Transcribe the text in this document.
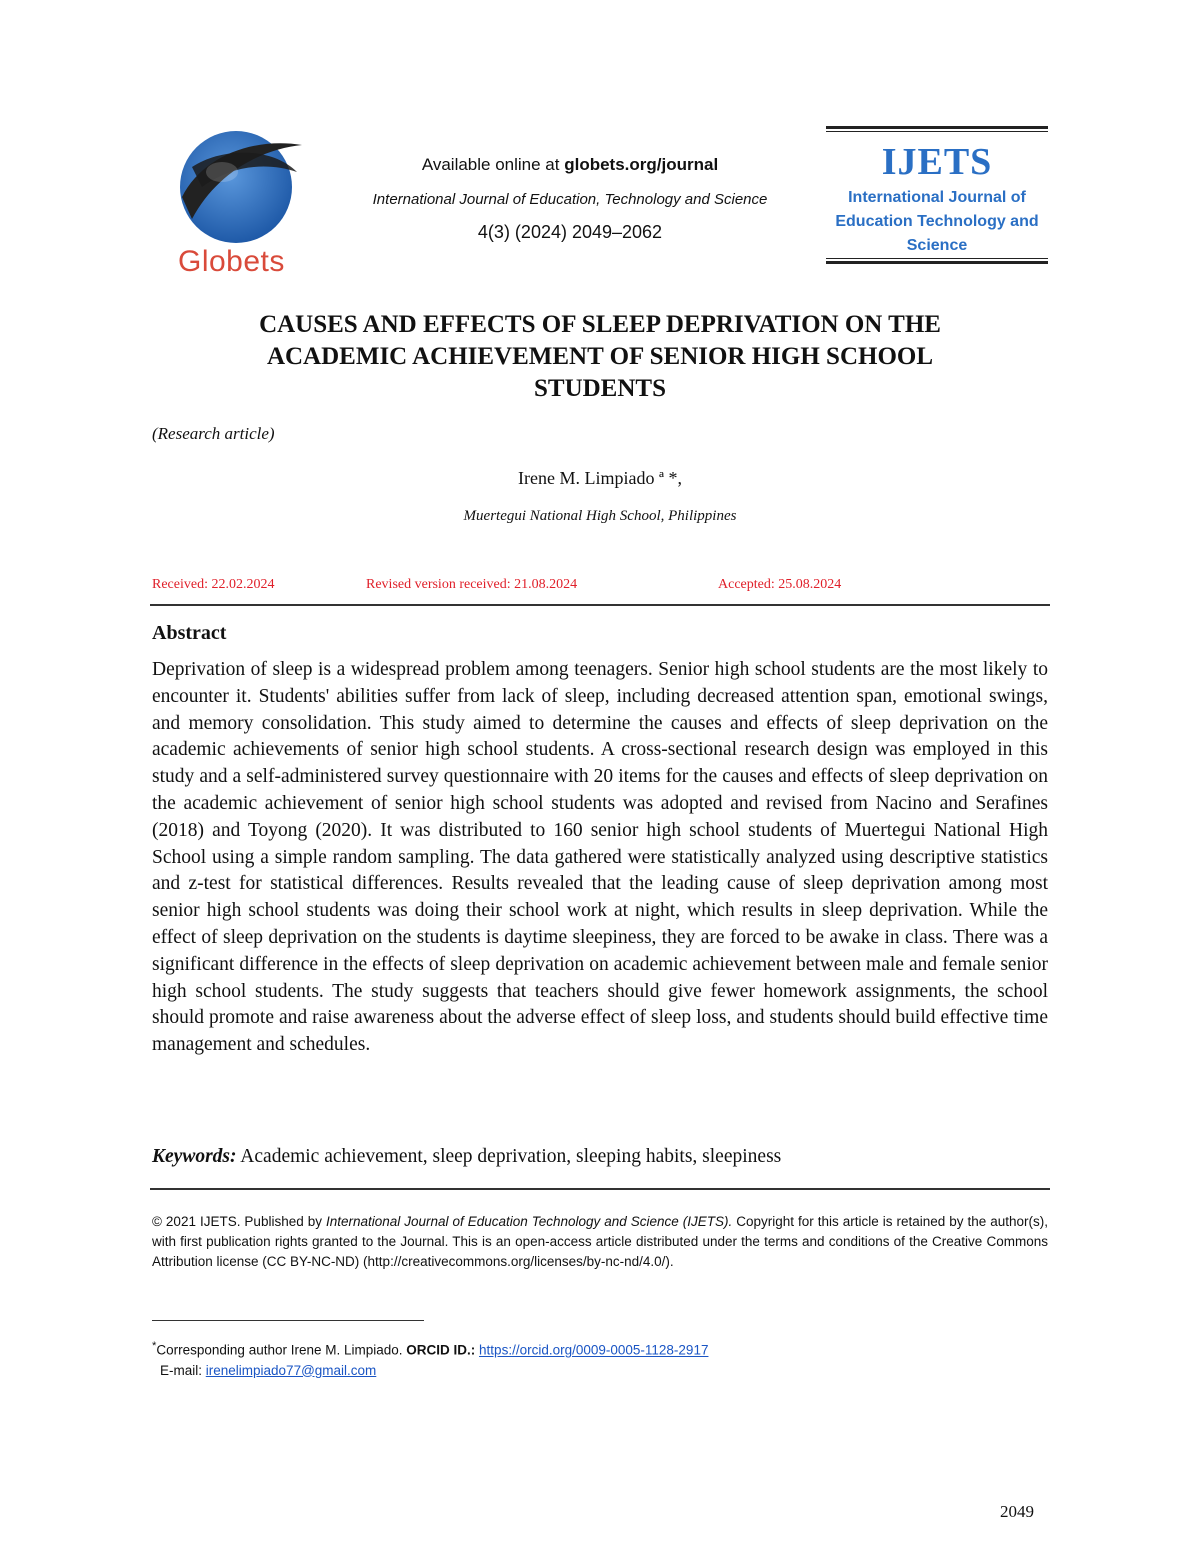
Globets
Available online at globets.org/journal
International Journal of Education, Technology and Science
4(3) (2024) 2049–2062
IJETS
International Journal of
Education Technology and
Science
CAUSES AND EFFECTS OF SLEEP DEPRIVATION ON THE
ACADEMIC ACHIEVEMENT OF SENIOR HIGH SCHOOL
STUDENTS
(Research article)
Irene M. Limpiado ª *,
Muertegui National High School, Philippines
Received: 22.02.2024	Revised version received: 21.08.2024	Accepted: 25.08.2024
Abstract
Deprivation of sleep is a widespread problem among teenagers. Senior high school students are the most likely to encounter it. Students' abilities suffer from lack of sleep, including decreased attention span, emotional swings, and memory consolidation. This study aimed to determine the causes and effects of sleep deprivation on the academic achievements of senior high school students. A cross-sectional research design was employed in this study and a self-administered survey questionnaire with 20 items for the causes and effects of sleep deprivation on the academic achievement of senior high school students was adopted and revised from Nacino and Serafines (2018) and Toyong (2020). It was distributed to 160 senior high school students of Muertegui National High School using a simple random sampling. The data gathered were statistically analyzed using descriptive statistics and z-test for statistical differences. Results revealed that the leading cause of sleep deprivation among most senior high school students was doing their school work at night, which results in sleep deprivation. While the effect of sleep deprivation on the students is daytime sleepiness, they are forced to be awake in class. There was a significant difference in the effects of sleep deprivation on academic achievement between male and female senior high school students. The study suggests that teachers should give fewer homework assignments, the school should promote and raise awareness about the adverse effect of sleep loss, and students should build effective time management and schedules.
Keywords: Academic achievement, sleep deprivation, sleeping habits, sleepiness
© 2021 IJETS. Published by International Journal of Education Technology and Science (IJETS). Copyright for this article is retained by the author(s), with first publication rights granted to the Journal. This is an open-access article distributed under the terms and conditions of the Creative Commons Attribution license (CC BY-NC-ND) (http://creativecommons.org/licenses/by-nc-nd/4.0/).
*Corresponding author Irene M. Limpiado. ORCID ID.: https://orcid.org/0009-0005-1128-2917
E-mail: irenelimpiado77@gmail.com
2049
